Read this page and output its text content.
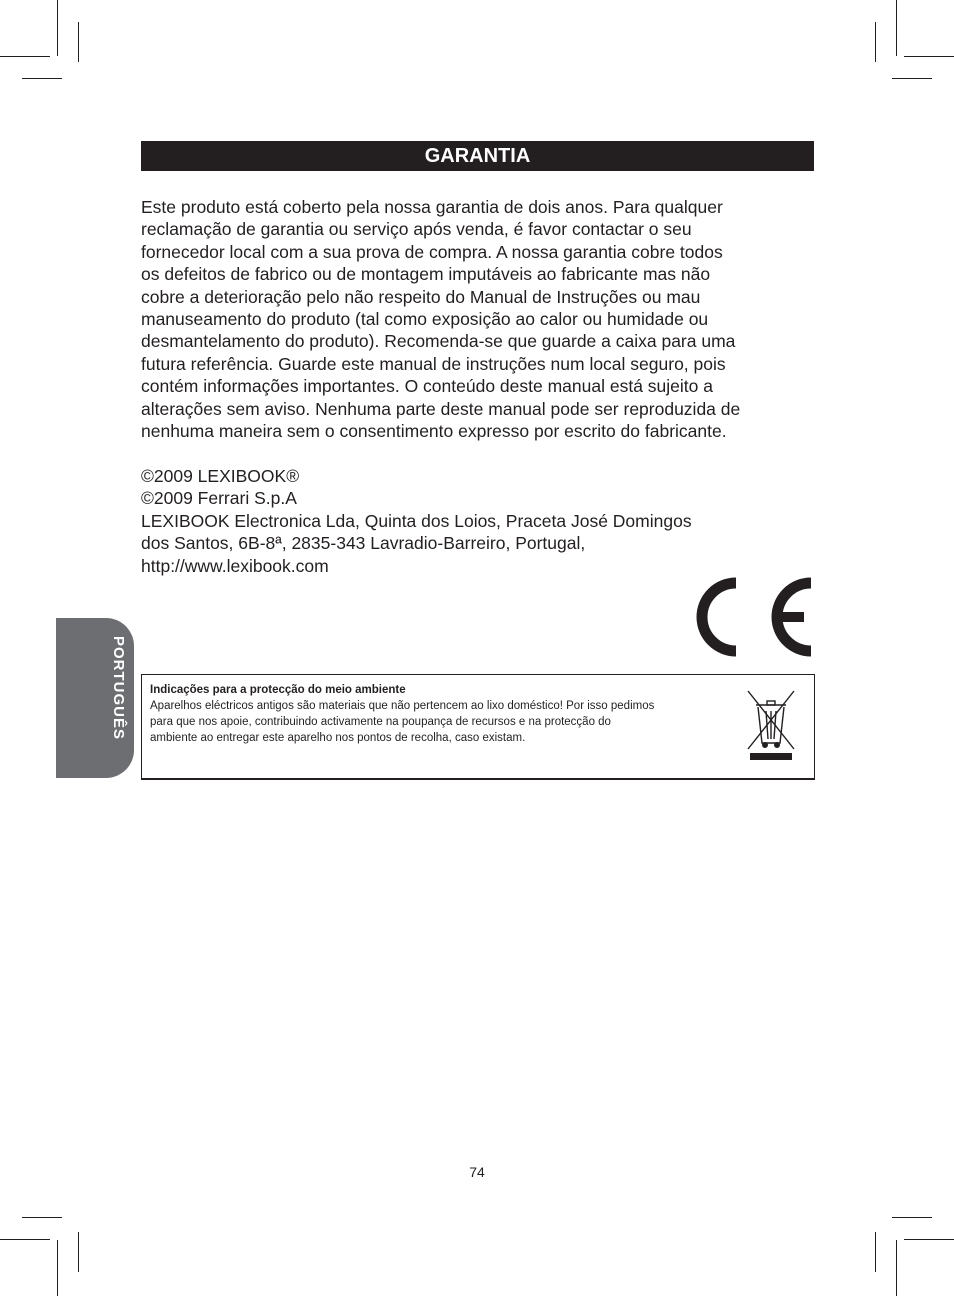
GARANTIA
Este produto está coberto pela nossa garantia de dois anos. Para qualquer
reclamação de garantia ou serviço após venda, é favor contactar o seu
fornecedor local com a sua prova de compra. A nossa garantia cobre todos
os defeitos de fabrico ou de montagem imputáveis ao fabricante mas não
cobre a deterioração pelo não respeito do Manual de Instruções ou mau
manuseamento do produto (tal como exposição ao calor ou humidade ou
desmantelamento do produto). Recomenda-se que guarde a caixa para uma
futura referência. Guarde este manual de instruções num local seguro, pois
contém informações importantes. O conteúdo deste manual está sujeito a
alterações sem aviso. Nenhuma parte deste manual pode ser reproduzida de
nenhuma maneira sem o consentimento expresso por escrito do fabricante.
©2009 LEXIBOOK®
©2009 Ferrari S.p.A
LEXIBOOK Electronica Lda, Quinta dos Loios, Praceta José Domingos
dos Santos, 6B-8ª, 2835-343 Lavradio-Barreiro, Portugal,
http://www.lexibook.com
PORTUGUÊS Indicações para a protecção do meio ambiente
Aparelhos eléctricos antigos são materiais que não pertencem ao lixo doméstico! Por isso pedimos
para que nos apoie, contribuindo activamente na poupança de recursos e na protecção do
ambiente ao entregar este aparelho nos pontos de recolha, caso existam.
74
